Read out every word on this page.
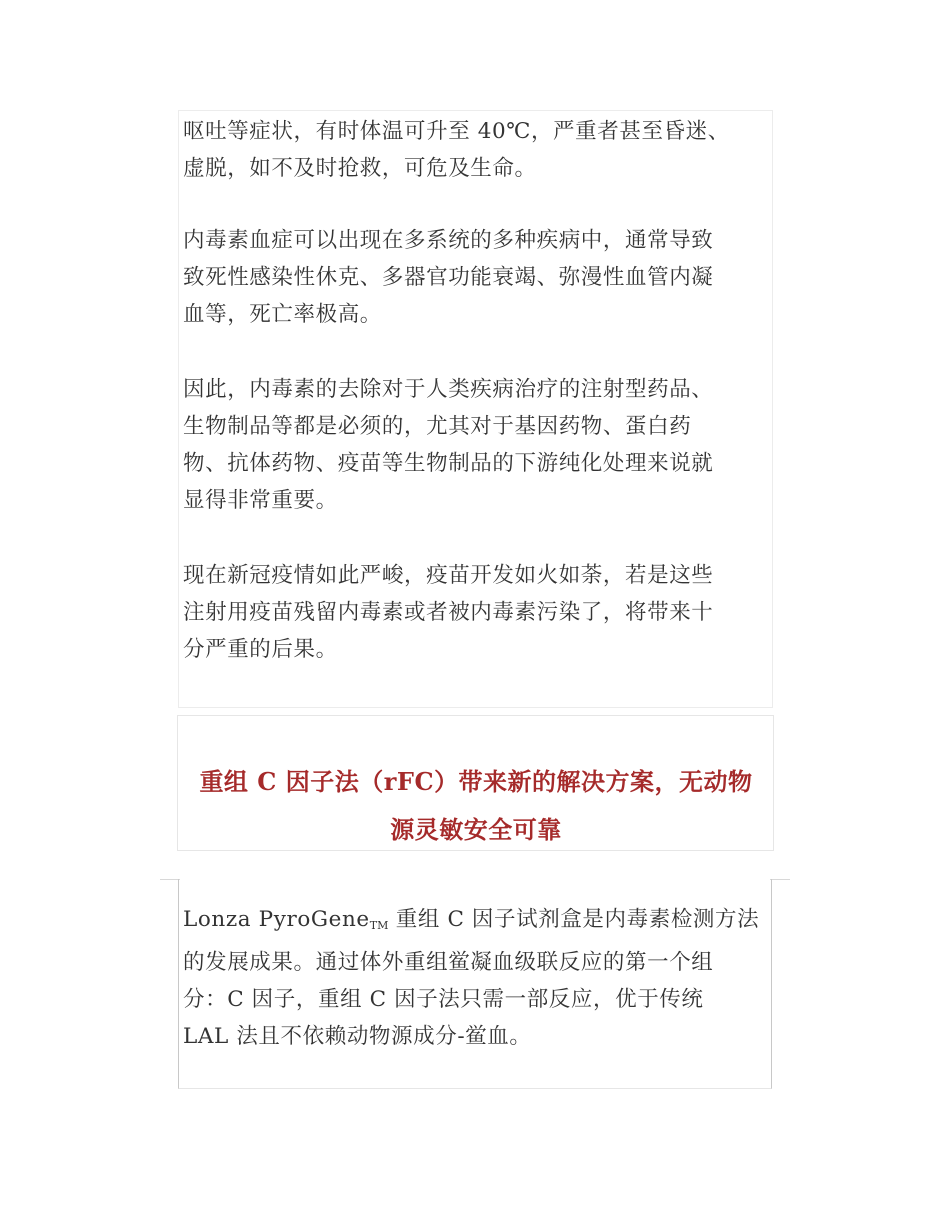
呕吐等症状，有时体温可升至 40℃，严重者甚至昏迷、
虚脱，如不及时抢救，可危及生命。

内毒素血症可以出现在多系统的多种疾病中，通常导致
致死性感染性休克、多器官功能衰竭、弥漫性血管内凝
血等，死亡率极高。

因此，内毒素的去除对于人类疾病治疗的注射型药品、
生物制品等都是必须的，尤其对于基因药物、蛋白药
物、抗体药物、疫苗等生物制品的下游纯化处理来说就
显得非常重要。

现在新冠疫情如此严峻，疫苗开发如火如荼，若是这些
注射用疫苗残留内毒素或者被内毒素污染了，将带来十
分严重的后果。

重组 C 因子法（rFC）带来新的解决方案，无动物
源灵敏安全可靠

Lonza PyroGeneTM 重组 C 因子试剂盒是内毒素检测方法
的发展成果。通过体外重组鲎凝血级联反应的第一个组
分：C 因子，重组 C 因子法只需一部反应，优于传统
LAL 法且不依赖动物源成分-鲎血。
